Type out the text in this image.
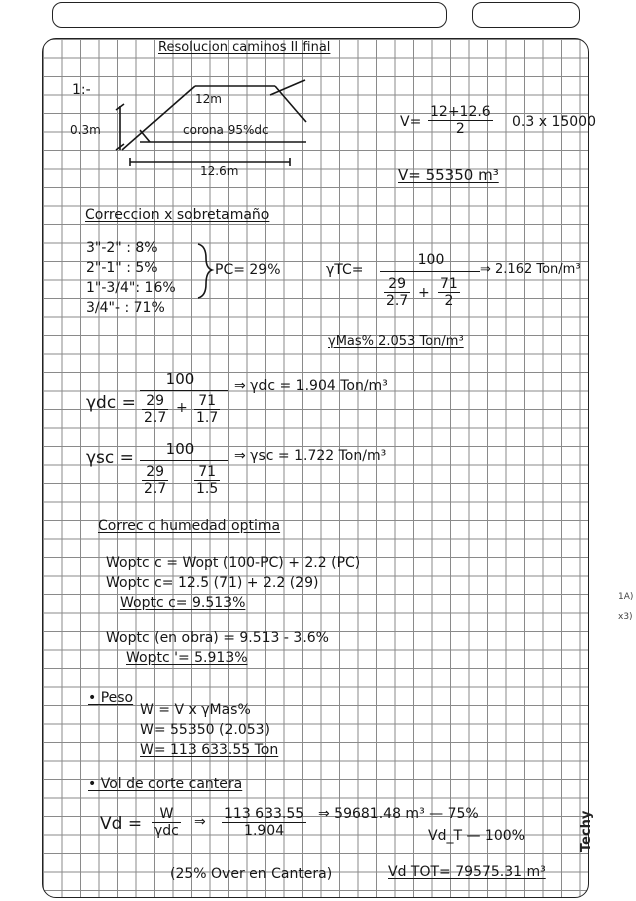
Resolucion caminos II final
1:-
12m
0.3m	corona 95%dc
12.6m
$V= \frac{12+12.6}{2} 0.3$ x 15000
V= 55350 m³
Correccion x sobretamaño
3"-2" : 8%
2"-1" : 5%
1"-3/4": 16%
3/4"- : 71%
PC= 29%	γTC=
100
$\frac{29}{2.7} + \frac{71}{2}$
⇒ 2.162 Ton/m³
γMas% 2.053 Ton/m³
γdc =
100
$\frac{29}{2.7} + \frac{71}{1.7}$
⇒ γdc = 1.904 Ton/m³
γsc =	100
$\frac{29}{2.7} \frac{71}{1.5}$
⇒ γsc = 1.722 Ton/m³
Correc c humedad optima
Woptc c = Wopt (100-PC) + 2.2 (PC)
Woptc c= 12.5 (71) + 2.2 (29)
Woptc c= 9.513%
Woptc (en obra) = 9.513 - 3.6%
Woptc '= 5.913%
• Peso
W = V x γMas%
W= 55350 (2.053)
W= 113 633.55 Ton
• Vol de corte cantera
Vd =	W
γdc
⇒ $\frac{113 633.55}{1.904}$ ⇒ 59681.48 m³ — 75%
Vd_T — 100%
(25% Over en Cantera)	Vd TOT= 79575.31 m³
1A)
x3)
Techy
